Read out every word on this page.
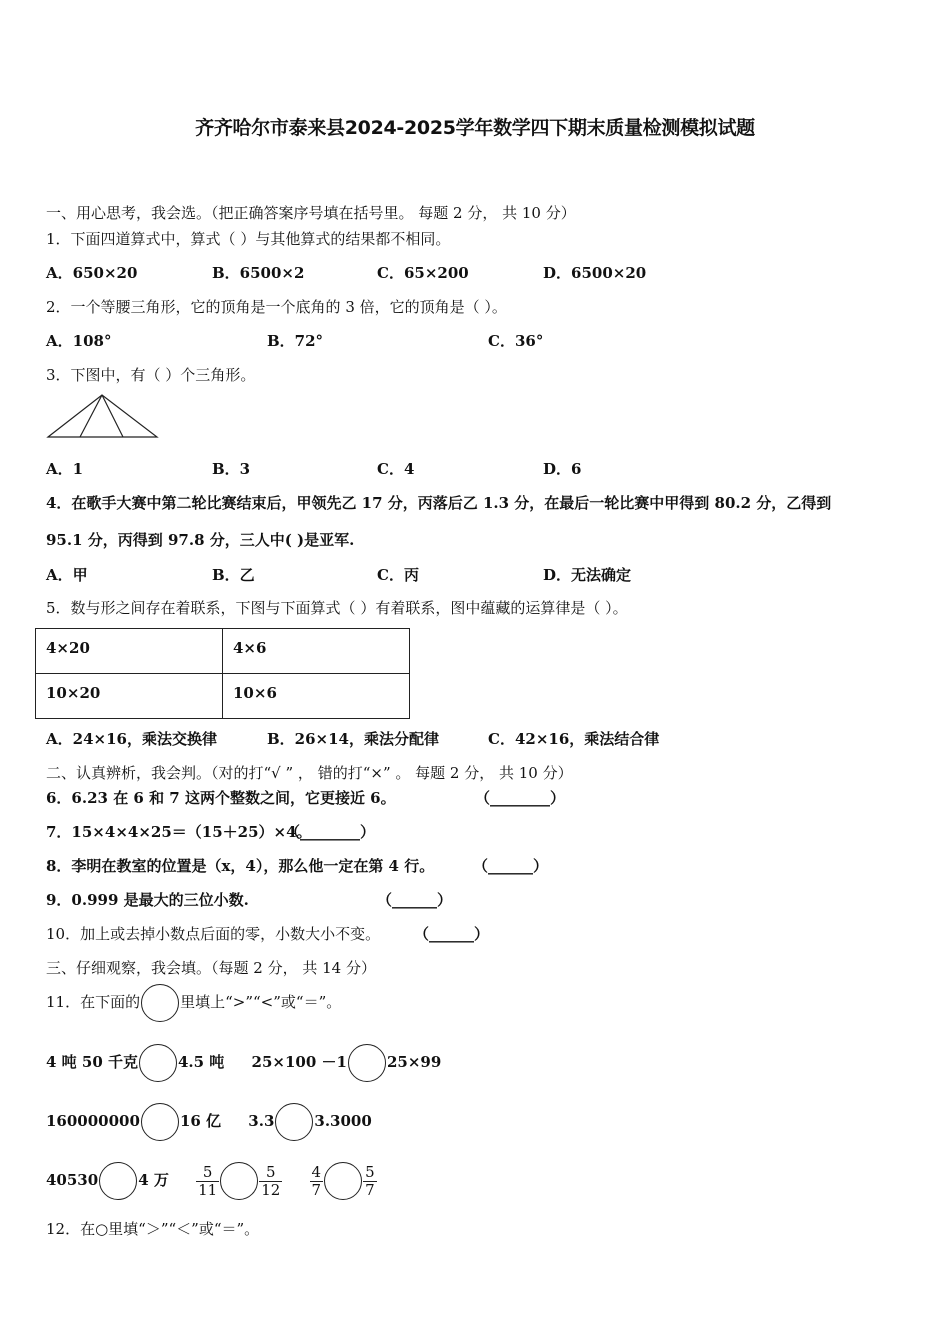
齐齐哈尔市泰来县2024-2025学年数学四下期末质量检测模拟试题
一、用心思考，我会选。（把正确答案序号填在括号里。 每题 2 分， 共 10 分）
1．下面四道算式中，算式（ ）与其他算式的结果都不相同。
A．650×20	B．6500×2	C．65×200	D．6500×20
2．一个等腰三角形，它的顶角是一个底角的 3 倍，它的顶角是（ ）。
A．108°	B．72°	C．36°
3．下图中，有（ ）个三角形。
A．1	B．3	C．4	D．6
4．在歌手大赛中第二轮比赛结束后，甲领先乙 17 分，丙落后乙 1.3 分，在最后一轮比赛中甲得到 80.2 分，乙得到
95.1 分，丙得到 97.8 分，三人中( )是亚军.
A．甲	B．乙	C．丙	D．无法确定
5．数与形之间存在着联系，下图与下面算式（ ）有着联系，图中蕴藏的运算律是（ ）。
4×20	4×6
10×20	10×6
A．24×16，乘法交换律	B．26×14，乘法分配律	C．42×16，乘法结合律
二、认真辨析，我会判。（对的打“√ ” ， 错的打“×” 。 每题 2 分， 共 10 分）
6．6.23 在 6 和 7 这两个整数之间，它更接近 6。	（________）
7．15×4×4×25＝（15＋25）×4。
（________）
8．李明在教室的位置是（x，4），那么他一定在第 4 行。	（______）
9．0.999 是最大的三位小数.	（______）
10．加上或去掉小数点后面的零，小数大小不变。 （______）
三、仔细观察，我会填。（每题 2 分， 共 14 分）
11．在下面的	里填上“>”“<”或“＝”。
4 吨 50 千克	4.5 吨 25×100 －1	25×99
160000000	16 亿 3.3	3.3000
40530	4 万 $\frac{5}{11}$	$\frac{5}{12}$
$\frac{4}{7}$	$\frac{5}{7}$
12．在○里填“＞”“＜”或“＝”。
